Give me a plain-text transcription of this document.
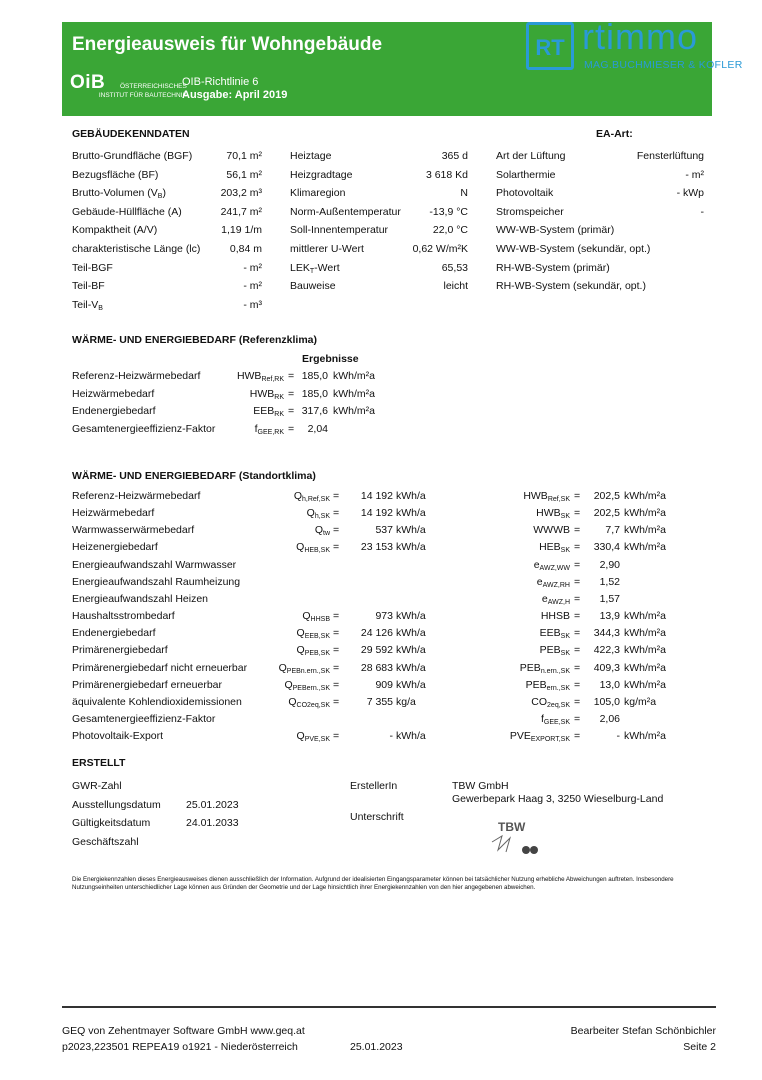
Energieausweis für Wohngebäude
OiB	ÖSTERREICHISCHES
INSTITUT FÜR BAUTECHNIK
OIB-Richtlinie 6
Ausgabe: April 2019
RT rtimmo
MAG.BUCHMIESER & KOFLER
GEBÄUDEKENNDATEN	EA-Art:
Brutto-Grundfläche (BGF)	70,1 m²
Bezugsfläche (BF)	56,1 m²
Brutto-Volumen $(V_B)$	203,2 m³
Gebäude-Hüllfläche (A)	241,7 m²
Kompaktheit (A/V)	1,19 1/m
charakteristische Länge (lc)	0,84 m
Teil-BGF	- m²
Teil-BF	- m²
Teil-$V_B$	- m³
Heiztage	365 d
Heizgradtage	3 618 Kd
Klimaregion	N
Norm-Außentemperatur	-13,9 °C
Soll-Innentemperatur	22,0 °C
mittlerer U-Wert	0,62 W/m²K
$LEK_T$-Wert	65,53
Bauweise	leicht
Art der Lüftung	Fensterlüftung
Solarthermie	- m²
Photovoltaik	- kWp
Stromspeicher	-
WW-WB-System (primär)
WW-WB-System (sekundär, opt.)
RH-WB-System (primär)
RH-WB-System (sekundär, opt.)
WÄRME- UND ENERGIEBEDARF (Referenzklima)
Ergebnisse
Referenz-Heizwärmebedarf	$HWB_{Ref,RK} = 185,0$ kWh/m²a
Heizwärmebedarf	$HWB_{RK} = 185,0$ kWh/m²a
Endenergiebedarf	$EEB_{RK} = 317,6$ kWh/m²a
Gesamtenergieeffizienz-Faktor	$f_{GEE,RK} = 2,04$
WÄRME- UND ENERGIEBEDARF (Standortklima)
Referenz-Heizwärmebedarf	$Q_{h,Ref,SK} = 14$ 192 kWh/a	$HWB_{Ref,SK} = 202,5$ kWh/m²a
Heizwärmebedarf	$Q_{h,SK} = 14$ 192 kWh/a	$HWB_{SK} = 202,5$ kWh/m²a
Warmwasserwärmebedarf	$Q_{tw}$ =	537 kWh/a	WWWB = 7,7 kWh/m²a
Heizenergiebedarf	$Q_{HEB,SK} = 23$ 153 kWh/a	$HEB_{SK} = 330,4$ kWh/m²a
Energieaufwandszahl Warmwasser	$e_{AWZ,WW} = 2,90$
Energieaufwandszahl Raumheizung	$e_{AWZ,RH} = 1,52$
Energieaufwandszahl Heizen	$e_{AWZ,H} = 1,57$
Haushaltsstrombedarf	$Q_{HHSB}$ =	973 kWh/a	HHSB = 13,9 kWh/m²a
Endenergiebedarf	$Q_{EEB,SK} = 24$ 126 kWh/a	$EEB_{SK} = 344,3$ kWh/m²a
Primärenergiebedarf	$Q_{PEB,SK} = 29$ 592 kWh/a	$PEB_{SK} = 422,3$ kWh/m²a
Primärenergiebedarf nicht erneuerbar	$Q_{PEBn.ern.,SK} = 28$ 683 kWh/a	$PEB_{n.ern.,SK} = 409,3$ kWh/m²a
Primärenergiebedarf erneuerbar	$Q_{PEBern.,SK}$ =	909 kWh/a	$PEB_{ern.,SK} = 13,0$ kWh/m²a
äquivalente Kohlendioxidemissionen	$Q_{CO2eq,SK}$ =	7 355 kg/a	$CO_{2eq,SK} = 105,0$ kg/m²a
Gesamtenergieeffizienz-Faktor	$f_{GEE,SK} = 2,06$
Photovoltaik-Export	$Q_{PVE,SK}$ =	- kWh/a	$PVE_{EXPORT,SK}$ =	- kWh/m²a
ERSTELLT
GWR-Zahl
Ausstellungsdatum 25.01.2023
Gültigkeitsdatum	24.01.2033
Geschäftszahl
ErstellerIn	TBW GmbH
Gewerbepark Haag 3, 3250 Wieselburg-Land
Unterschrift
TBW
Die Energiekennzahlen dieses Energieausweises dienen ausschließlich der Information. Aufgrund der idealisierten Eingangsparameter können bei tatsächlicher Nutzung erhebliche Abweichungen auftreten. Insbesondere Nutzungseinheiten unterschiedlicher Lage können aus Gründen der Geometrie und der Lage hinsichtlich ihrer Energiekennzahlen von den hier angegebenen abweichen.
GEQ von Zehentmayer Software GmbH www.geq.at
p2023,223501 REPEA19 o1921 - Niederösterreich	25.01.2023
Bearbeiter Stefan Schönbichler
Seite 2
